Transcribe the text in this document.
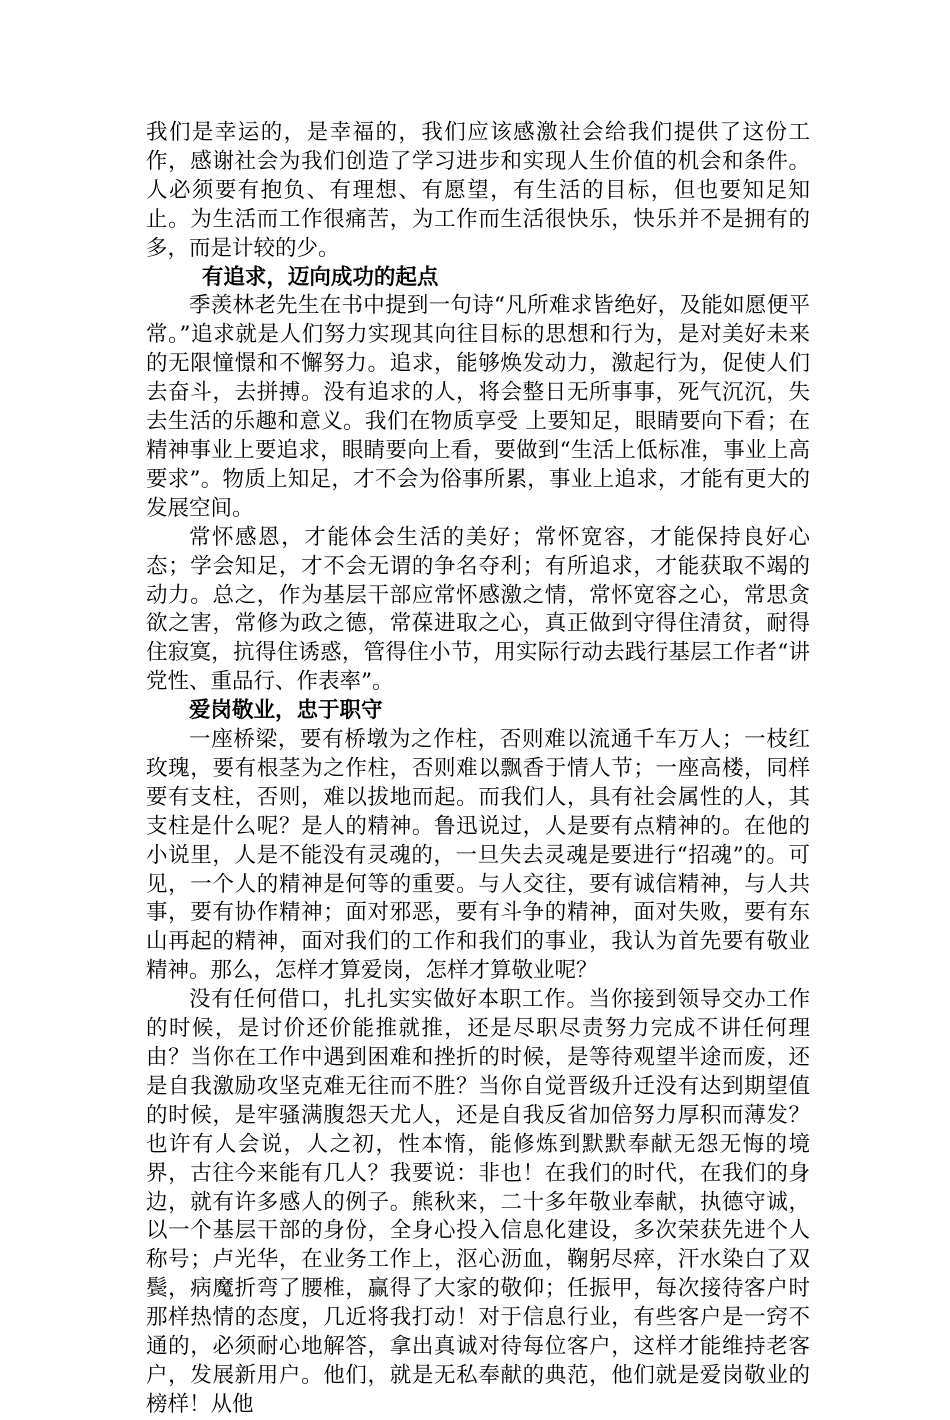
我们是幸运的，是幸福的，我们应该感激社会给我们提供了这份工作，感谢社会为我们创造了学习进步和实现人生价值的机会和条件。人必须要有抱负、有理想、有愿望，有生活的目标，但也要知足知止。为生活而工作很痛苦，为工作而生活很快乐，快乐并不是拥有的多，而是计较的少。

有追求，迈向成功的起点

季羡林老先生在书中提到一句诗“凡所难求皆绝好，及能如愿便平常。”追求就是人们努力实现其向往目标的思想和行为，是对美好未来的无限憧憬和不懈努力。追求，能够焕发动力，激起行为，促使人们去奋斗，去拼搏。没有追求的人，将会整日无所事事，死气沉沉，失去生活的乐趣和意义。我们在物质享受 上要知足，眼睛要向下看；在精神事业上要追求，眼睛要向上看，要做到“生活上低标准，事业上高要求”。物质上知足，才不会为俗事所累，事业上追求，才能有更大的发展空间。

常怀感恩，才能体会生活的美好；常怀宽容，才能保持良好心态；学会知足，才不会无谓的争名夺利；有所追求，才能获取不竭的动力。总之，作为基层干部应常怀感激之情，常怀宽容之心，常思贪欲之害，常修为政之德，常葆进取之心，真正做到守得住清贫，耐得住寂寞，抗得住诱惑，管得住小节，用实际行动去践行基层工作者“讲党性、重品行、作表率”。

爱岗敬业，忠于职守

一座桥梁，要有桥墩为之作柱，否则难以流通千车万人；一枝红玫瑰，要有根茎为之作柱，否则难以飘香于情人节；一座高楼，同样要有支柱，否则，难以拔地而起。而我们人，具有社会属性的人，其支柱是什么呢？是人的精神。鲁迅说过，人是要有点精神的。在他的小说里，人是不能没有灵魂的，一旦失去灵魂是要进行“招魂”的。可见，一个人的精神是何等的重要。与人交往，要有诚信精神，与人共事，要有协作精神；面对邪恶，要有斗争的精神，面对失败，要有东山再起的精神，面对我们的工作和我们的事业，我认为首先要有敬业精神。那么，怎样才算爱岗，怎样才算敬业呢？

没有任何借口，扎扎实实做好本职工作。当你接到领导交办工作的时候，是讨价还价能推就推，还是尽职尽责努力完成不讲任何理由？当你在工作中遇到困难和挫折的时候，是等待观望半途而废，还是自我激励攻坚克难无往而不胜？当你自觉晋级升迁没有达到期望值的时候，是牢骚满腹怨天尤人，还是自我反省加倍努力厚积而薄发？也许有人会说，人之初，性本惰，能修炼到默默奉献无怨无悔的境界，古往今来能有几人？我要说：非也！在我们的时代，在我们的身边，就有许多感人的例子。熊秋来，二十多年敬业奉献，执德守诚，以一个基层干部的身份，全身心投入信息化建设，多次荣获先进个人称号；卢光华，在业务工作上，沤心沥血，鞠躬尽瘁，汗水染白了双鬓，病魔折弯了腰椎，赢得了大家的敬仰；任振甲，每次接待客户时那样热情的态度，几近将我打动！对于信息行业，有些客户是一窍不通的，必须耐心地解答，拿出真诚对待每位客户，这样才能维持老客户，发展新用户。他们，就是无私奉献的典范，他们就是爱岗敬业的榜样！从他
